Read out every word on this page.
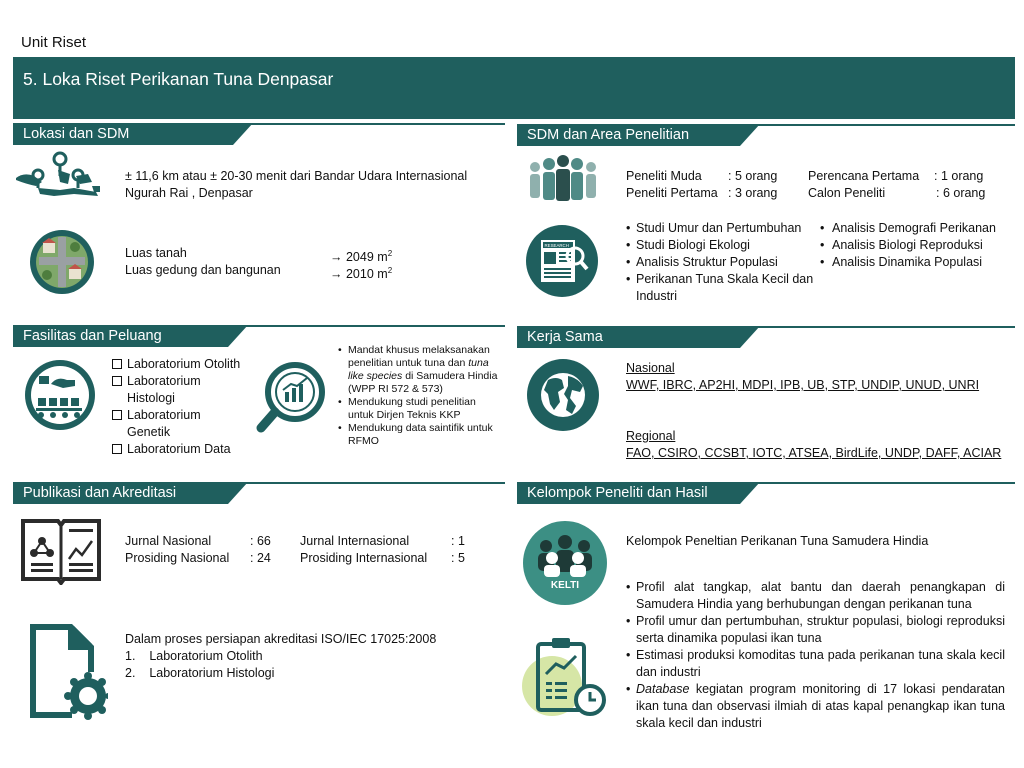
Unit Riset
5. Loka Riset Perikanan Tuna Denpasar
Lokasi dan SDM
± 11,6 km atau ± 20-30 menit dari Bandar Udara Internasional
Ngurah Rai , Denpasar
Luas tanah	→ 2049 $m^2$
Luas gedung dan bangunan	→ 2010 $m^2$
Fasilitas dan Peluang
Laboratorium Otolith
Laboratorium Histologi
Laboratorium Genetik
Laboratorium Data
• Mandat khusus melaksanakan penelitian untuk tuna dan tuna like species di Samudera Hindia (WPP RI 572 & 573)
• Mendukung studi penelitian untuk Dirjen Teknis KKP
• Mendukung data saintifik untuk RFMO
Publikasi dan Akreditasi
Jurnal Nasional	: 66 Jurnal Internasional	: 1
Prosiding Nasional : 24 Prosiding Internasional : 5
Dalam proses persiapan akreditasi ISO/IEC 17025:2008
1.    Laboratorium Otolith
2.    Laboratorium Histologi
SDM dan Area Penelitian
Peneliti Muda : 5 orang Perencana Pertama : 1 orang
Peneliti Pertama : 3 orang Calon Peneliti	: 6 orang
RESEARCH
• Studi Umur dan Pertumbuhan
• Studi Biologi Ekologi
• Analisis Struktur Populasi
• Perikanan Tuna Skala Kecil dan Industri
• Analisis Demografi Perikanan
• Analisis Biologi Reproduksi
• Analisis Dinamika Populasi
Kerja Sama
Nasional
WWF, IBRC, AP2HI, MDPI, IPB, UB, STP, UNDIP, UNUD, UNRI
Regional
FAO, CSIRO, CCSBT, IOTC, ATSEA, BirdLife, UNDP, DAFF, ACIAR
Kelompok Peneliti dan Hasil
KELTI
Kelompok Peneltian Perikanan Tuna Samudera Hindia
• Profil alat tangkap, alat bantu dan daerah penangkapan di Samudera Hindia yang berhubungan dengan perikanan tuna
• Profil umur dan pertumbuhan, struktur populasi, biologi reproduksi serta dinamika populasi ikan tuna
• Estimasi produksi komoditas tuna pada perikanan tuna skala kecil dan industri
• Database kegiatan program monitoring di 17 lokasi pendaratan ikan tuna dan observasi ilmiah di atas kapal penangkap ikan tuna skala kecil dan industri
